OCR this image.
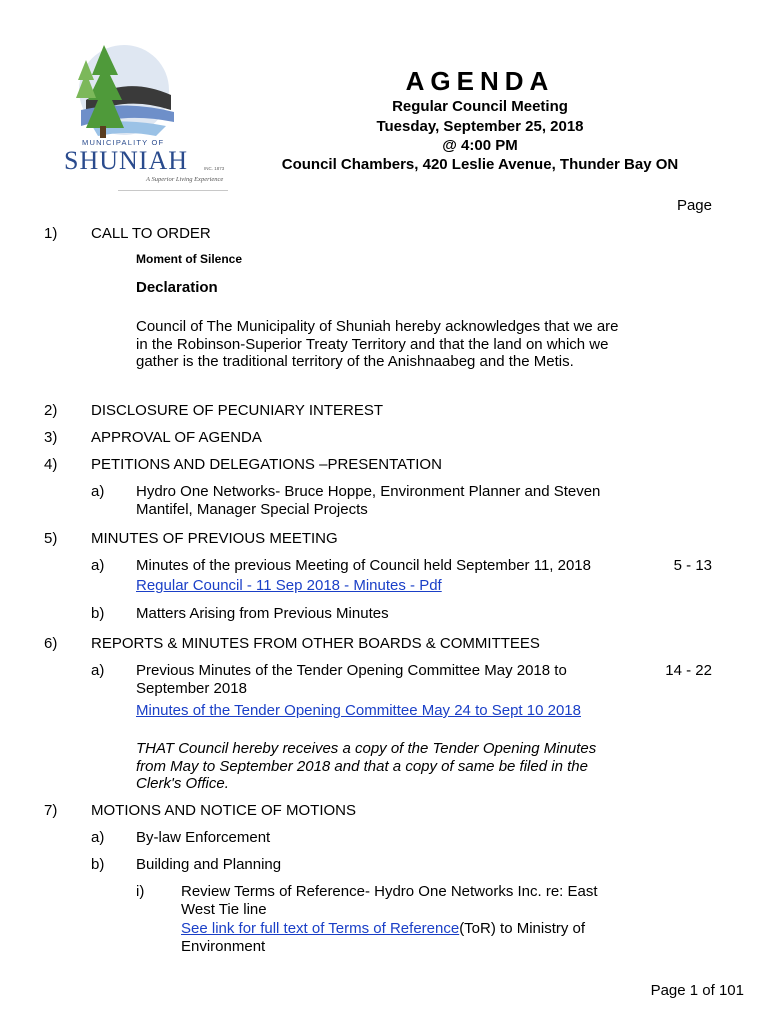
MUNICIPALITY OF
SHUNIAH	INC. 1873
A Superior Living Experience
AGENDA
Regular Council Meeting
Tuesday, September 25, 2018
@ 4:00 PM
Council Chambers, 420 Leslie Avenue, Thunder Bay ON
Page
1) CALL TO ORDER
Moment of Silence
Declaration
Council of The Municipality of Shuniah hereby acknowledges that we are in the Robinson-Superior Treaty Territory and that the land on which we gather is the traditional territory of the Anishnaabeg and the Metis.
2) DISCLOSURE OF PECUNIARY INTEREST
3) APPROVAL OF AGENDA
4) PETITIONS AND DELEGATIONS –PRESENTATION
a) Hydro One Networks- Bruce Hoppe, Environment Planner and Steven Mantifel, Manager Special Projects
5) MINUTES OF PREVIOUS MEETING
a) Minutes of the previous Meeting of Council held September 11, 2018
Regular Council - 11 Sep 2018 - Minutes - Pdf
5 - 13
b) Matters Arising from Previous Minutes
6) REPORTS & MINUTES FROM OTHER BOARDS & COMMITTEES
a) Previous Minutes of the Tender Opening Committee May 2018 to September 2018
Minutes of the Tender Opening Committee May 24 to Sept 10 2018
14 - 22
THAT Council hereby receives a copy of the Tender Opening Minutes from May to September 2018 and that a copy of same be filed in the Clerk's Office.
7) MOTIONS AND NOTICE OF MOTIONS
a) By-law Enforcement
b) Building and Planning
i) Review Terms of Reference- Hydro One Networks Inc. re: East West Tie line
See link for full text of Terms of Reference(ToR) to Ministry of Environment
Page 1 of 101
